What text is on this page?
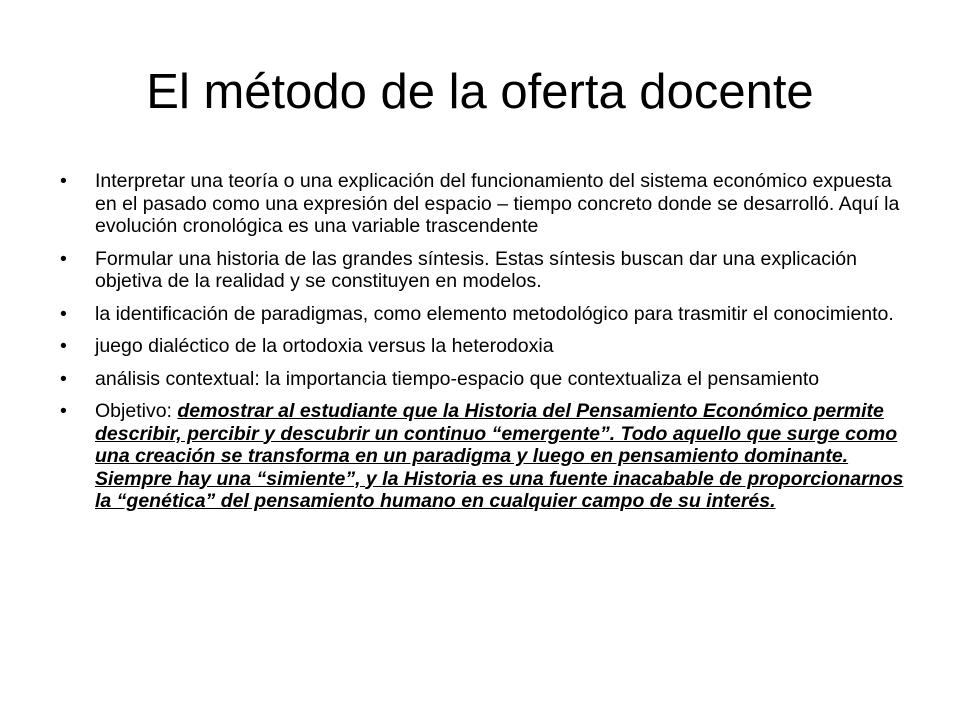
El método de la oferta docente
• Interpretar una teoría o una explicación del funcionamiento del sistema económico expuesta en el pasado como una expresión del espacio – tiempo concreto donde se desarrolló. Aquí la evolución cronológica es una variable trascendente
• Formular una historia de las grandes síntesis. Estas síntesis buscan dar una explicación objetiva de la realidad y se constituyen en modelos.
• la identificación de paradigmas, como elemento metodológico para trasmitir el conocimiento.
• juego dialéctico de la ortodoxia versus la heterodoxia
• análisis contextual: la importancia tiempo-espacio que contextualiza el pensamiento
• Objetivo: demostrar al estudiante que la Historia del Pensamiento Económico permite describir, percibir y descubrir un continuo “emergente”. Todo aquello que surge como una creación se transforma en un paradigma y luego en pensamiento dominante. Siempre hay una “simiente”, y la Historia es una fuente inacabable de proporcionarnos la “genética” del pensamiento humano en cualquier campo de su interés.
